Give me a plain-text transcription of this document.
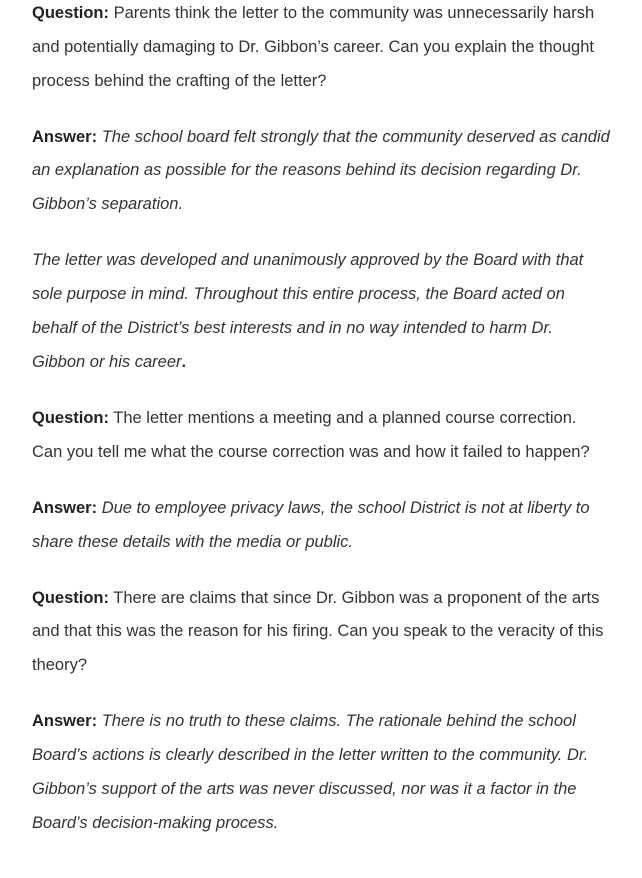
Question: Parents think the letter to the community was unnecessarily harsh and potentially damaging to Dr. Gibbon’s career. Can you explain the thought process behind the crafting of the letter?

Answer: The school board felt strongly that the community deserved as candid an explanation as possible for the reasons behind its decision regarding Dr. Gibbon’s separation.

The letter was developed and unanimously approved by the Board with that sole purpose in mind. Throughout this entire process, the Board acted on behalf of the District’s best interests and in no way intended to harm Dr. Gibbon or his career.

Question: The letter mentions a meeting and a planned course correction. Can you tell me what the course correction was and how it failed to happen?

Answer: Due to employee privacy laws, the school District is not at liberty to share these details with the media or public.

Question: There are claims that since Dr. Gibbon was a proponent of the arts and that this was the reason for his firing. Can you speak to the veracity of this theory?

Answer: There is no truth to these claims. The rationale behind the school Board’s actions is clearly described in the letter written to the community. Dr. Gibbon’s support of the arts was never discussed, nor was it a factor in the Board’s decision-making process.
